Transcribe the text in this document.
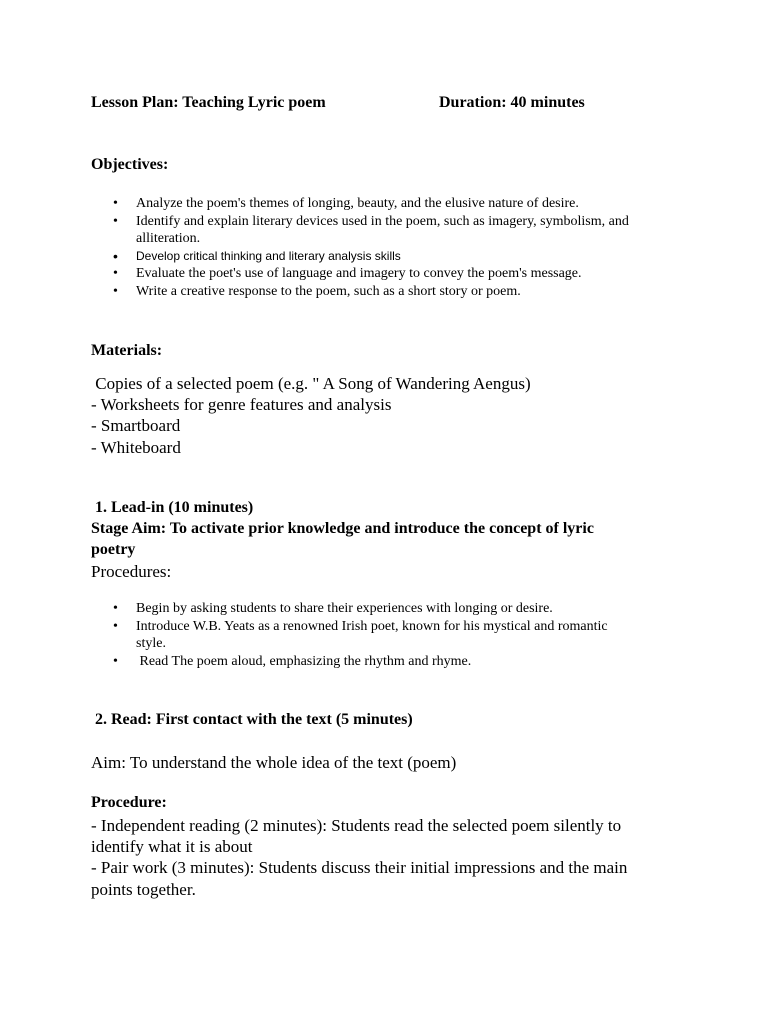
Lesson Plan: Teaching Lyric poem	Duration: 40 minutes
Objectives:
• Analyze the poem's themes of longing, beauty, and the elusive nature of desire.
• Identify and explain literary devices used in the poem, such as imagery, symbolism, and
alliteration.
• Develop critical thinking and literary analysis skills
• Evaluate the poet's use of language and imagery to convey the poem's message.
• Write a creative response to the poem, such as a short story or poem.
Materials:
Copies of a selected poem (e.g. " A Song of Wandering Aengus)
- Worksheets for genre features and analysis
- Smartboard
- Whiteboard
1. Lead-in (10 minutes)
Stage Aim: To activate prior knowledge and introduce the concept of lyric
poetry
Procedures:
• Begin by asking students to share their experiences with longing or desire.
• Introduce W.B. Yeats as a renowned Irish poet, known for his mystical and romantic
style.
•  Read The poem aloud, emphasizing the rhythm and rhyme.
2. Read: First contact with the text (5 minutes)
Aim: To understand the whole idea of the text (poem)
Procedure:
- Independent reading (2 minutes): Students read the selected poem silently to
identify what it is about
- Pair work (3 minutes): Students discuss their initial impressions and the main
points together.
